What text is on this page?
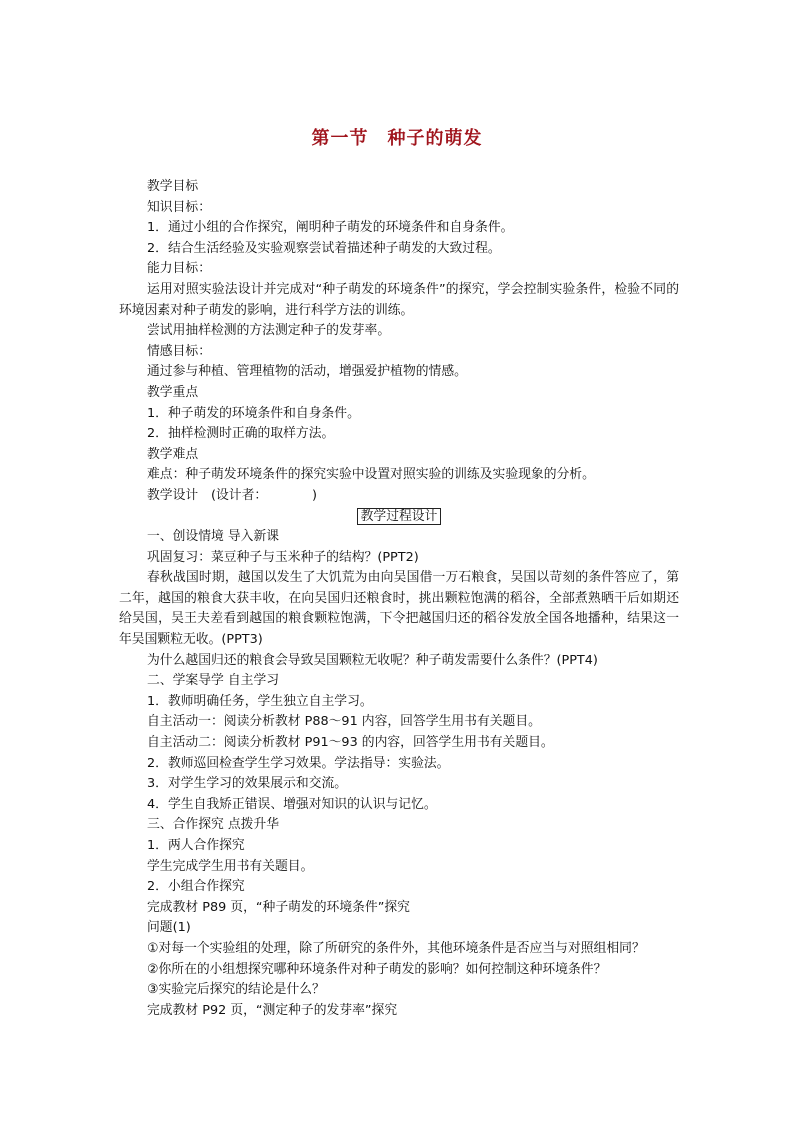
第一节　种子的萌发
教学目标
知识目标：
1．通过小组的合作探究，阐明种子萌发的环境条件和自身条件。
2．结合生活经验及实验观察尝试着描述种子萌发的大致过程。
能力目标：
运用对照实验法设计并完成对“种子萌发的环境条件”的探究，学会控制实验条件，检验不同的环境因素对种子萌发的影响，进行科学方法的训练。
尝试用抽样检测的方法测定种子的发芽率。
情感目标：
通过参与种植、管理植物的活动，增强爱护植物的情感。
教学重点
1．种子萌发的环境条件和自身条件。
2．抽样检测时正确的取样方法。
教学难点
难点：种子萌发环境条件的探究实验中设置对照实验的训练及实验现象的分析。
教学设计　(设计者：　　　　)
教学过程设计
一、创设情境 导入新课
巩固复习：菜豆种子与玉米种子的结构？(PPT2)
春秋战国时期，越国以发生了大饥荒为由向吴国借一万石粮食，吴国以苛刻的条件答应了，第二年，越国的粮食大获丰收，在向吴国归还粮食时，挑出颗粒饱满的稻谷，全部煮熟晒干后如期还给吴国，吴王夫差看到越国的粮食颗粒饱满，下令把越国归还的稻谷发放全国各地播种，结果这一年吴国颗粒无收。(PPT3)
为什么越国归还的粮食会导致吴国颗粒无收呢？种子萌发需要什么条件？(PPT4)
二、学案导学 自主学习
1．教师明确任务，学生独立自主学习。
自主活动一：阅读分析教材 P88～91 内容，回答学生用书有关题目。
自主活动二：阅读分析教材 P91～93 的内容，回答学生用书有关题目。
2．教师巡回检查学生学习效果。学法指导：实验法。
3．对学生学习的效果展示和交流。
4．学生自我矫正错误、增强对知识的认识与记忆。
三、合作探究 点拨升华
1．两人合作探究
学生完成学生用书有关题目。
2．小组合作探究
完成教材 P89 页，“种子萌发的环境条件”探究
问题(1)
①对每一个实验组的处理，除了所研究的条件外，其他环境条件是否应当与对照组相同？
②你所在的小组想探究哪种环境条件对种子萌发的影响？如何控制这种环境条件？
③实验完后探究的结论是什么？
完成教材 P92 页，“测定种子的发芽率”探究
